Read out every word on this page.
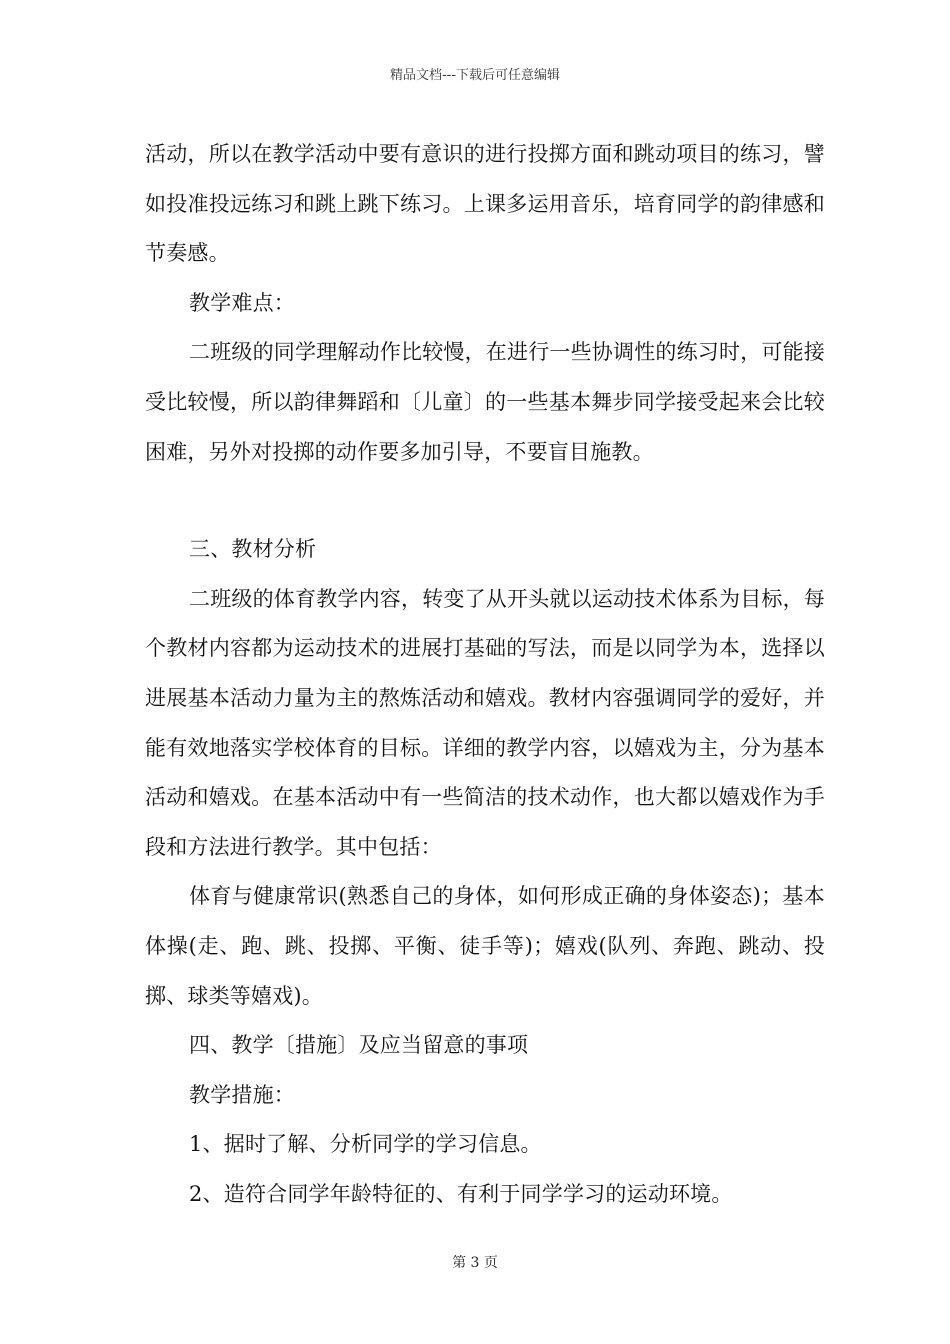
精品文档---下载后可任意编辑

活动，所以在教学活动中要有意识的进行投掷方面和跳动项目的练习，譬如投准投远练习和跳上跳下练习。上课多运用音乐，培育同学的韵律感和节奏感。

教学难点：

二班级的同学理解动作比较慢，在进行一些协调性的练习时，可能接受比较慢，所以韵律舞蹈和〔儿童〕的一些基本舞步同学接受起来会比较困难，另外对投掷的动作要多加引导，不要盲目施教。

三、教材分析

二班级的体育教学内容，转变了从开头就以运动技术体系为目标，每个教材内容都为运动技术的进展打基础的写法，而是以同学为本，选择以进展基本活动力量为主的熬炼活动和嬉戏。教材内容强调同学的爱好，并能有效地落实学校体育的目标。详细的教学内容，以嬉戏为主，分为基本活动和嬉戏。在基本活动中有一些简洁的技术动作，也大都以嬉戏作为手段和方法进行教学。其中包括：

体育与健康常识(熟悉自己的身体，如何形成正确的身体姿态)；基本体操(走、跑、跳、投掷、平衡、徒手等)；嬉戏(队列、奔跑、跳动、投掷、球类等嬉戏)。

四、教学〔措施〕及应当留意的事项

教学措施：

1、据时了解、分析同学的学习信息。

2、造符合同学年龄特征的、有利于同学学习的运动环境。

第 3 页
